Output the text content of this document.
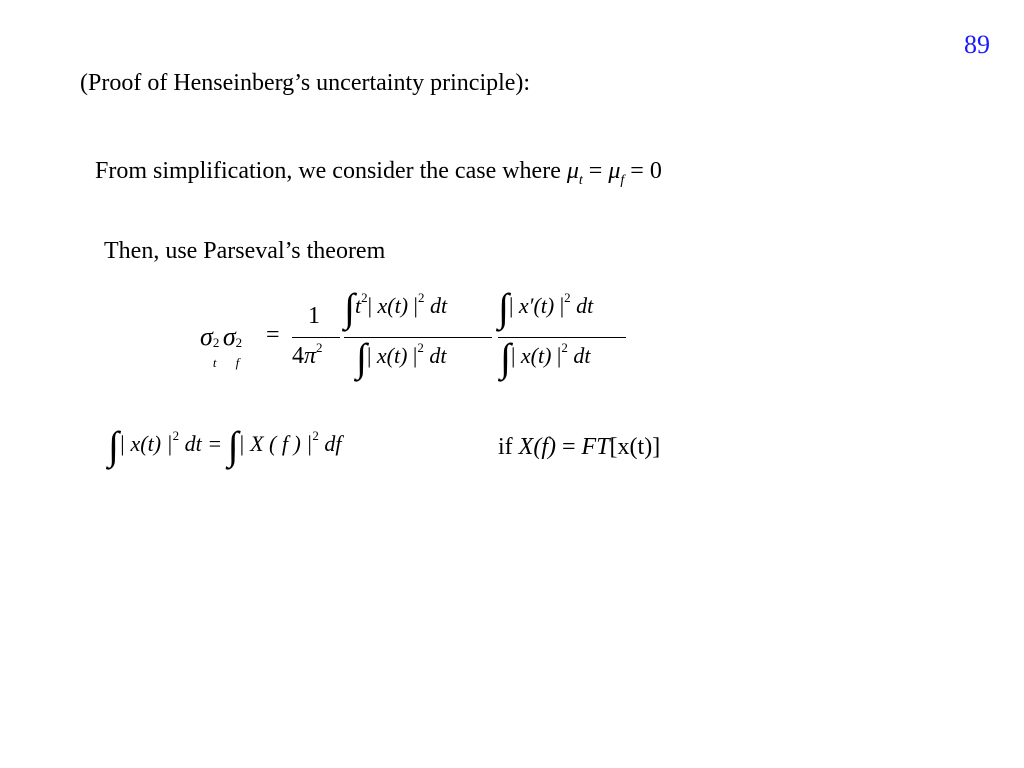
89
(Proof of Henseinberg’s uncertainty principle):
From simplification, we consider the case where $\mu_t = \mu_f = 0$
Then, use Parseval’s theorem
σ 2
t
σ 2
f
=
1
$4\pi^2$
$\int t^2|$ x(t) $|^2$ dt
∫| x(t) $|^2$ dt
∫| x′(t) $|^2$ dt
∫| x(t) $|^2$ dt
∫| x(t) $|^2$ dt = ∫| X ( f ) $|^2$ df	if X(f) = FT[x(t)]
